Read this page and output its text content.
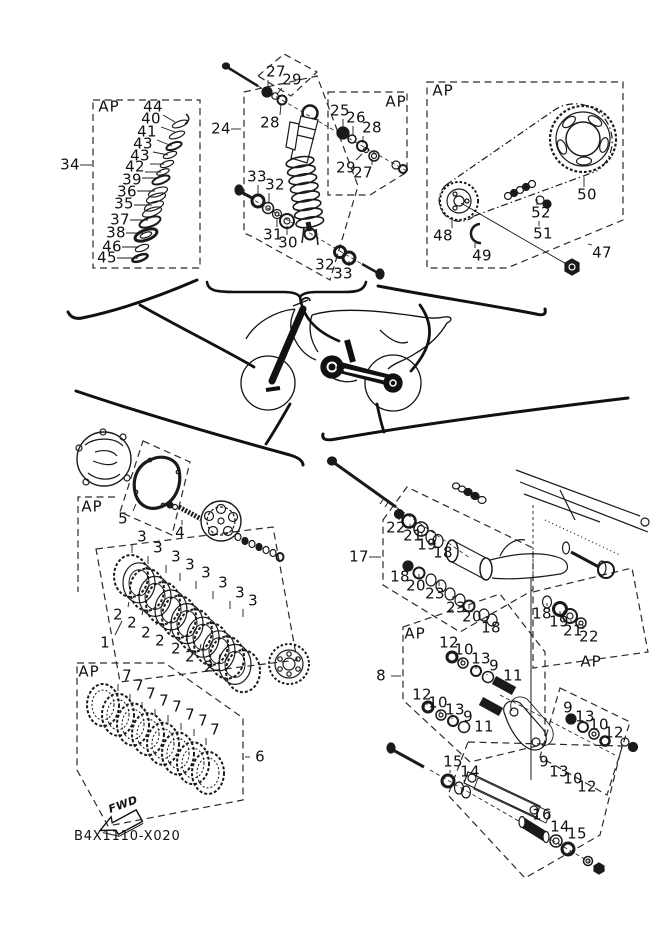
AP	AP
AP
AP
AP
AP
AP
34
44
40
41
43
43
42
39
36
35
37
38
46
45
24
27
29
28
25
26
28
29
27
33
32
31
30
32
33
50
52
51
48
49	47
5
4
3
3 3 3 3
3
3 3
2 2
2 2 2 2
2
1
7
7 7 7 7 7 7 7
6
17
22
21
19
18
18
20 23
23
20
18
18
19
21
22
8
12
10
13
9
11
12
10
13
9
11
9 13
10
12
15
14
9
13
10
12
16
14
15
FWD
B4X1110-X020
